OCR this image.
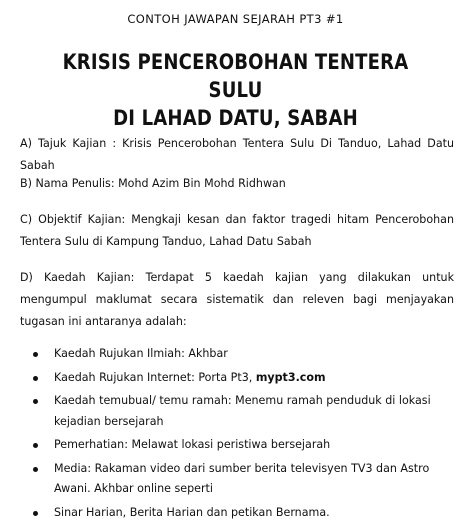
CONTOH JAWAPAN SEJARAH PT3 #1
KRISIS PENCEROBOHAN TENTERA SULU
DI LAHAD DATU, SABAH
A) Tajuk Kajian : Krisis Pencerobohan Tentera Sulu Di Tanduo, Lahad Datu Sabah
B) Nama Penulis: Mohd Azim Bin Mohd Ridhwan
C) Objektif Kajian: Mengkaji kesan dan faktor tragedi hitam Pencerobohan Tentera Sulu di Kampung Tanduo, Lahad Datu Sabah
D) Kaedah Kajian: Terdapat 5 kaedah kajian yang dilakukan untuk mengumpul maklumat secara sistematik dan releven bagi menjayakan tugasan ini antaranya adalah:
Kaedah Rujukan Ilmiah: Akhbar
Kaedah Rujukan Internet: Porta Pt3, mypt3.com
Kaedah temubual/ temu ramah: Menemu ramah penduduk di lokasi kejadian bersejarah
Pemerhatian: Melawat lokasi peristiwa bersejarah
Media: Rakaman video dari sumber berita televisyen TV3 dan Astro Awani. Akhbar online seperti
Sinar Harian, Berita Harian dan petikan Bernama.
